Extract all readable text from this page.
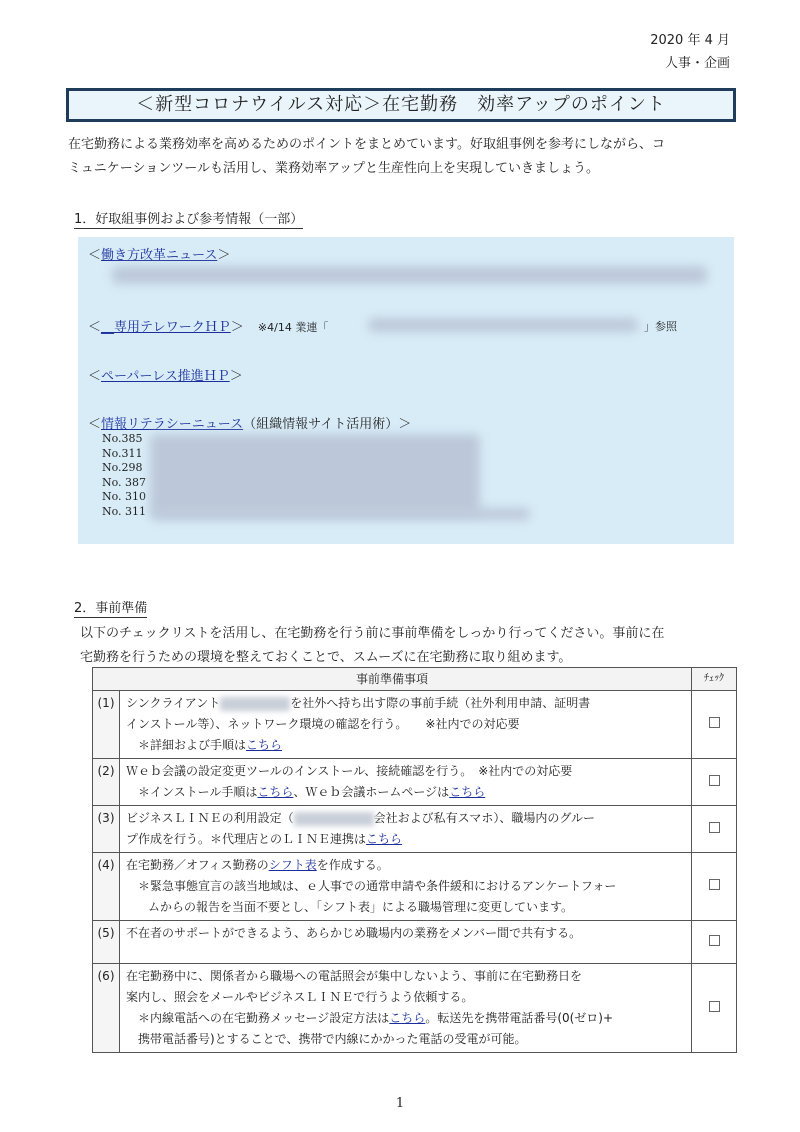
2020 年 4 月
人事・企画
＜新型コロナウイルス対応＞在宅勤務　効率アップのポイント
在宅勤務による業務効率を高めるためのポイントをまとめています。好取組事例を参考にしながら、コ
ミュニケーションツールも活用し、業務効率アップと生産性向上を実現していきましょう。
1．好取組事例および参考情報（一部）
＜働き方改革ニュース＞
＜__専用テレワークＨＰ＞ ※4/14 業連「	」参照
＜ペーパーレス推進ＨＰ＞
＜情報リテラシーニュース（組織情報サイト活用術）＞
No.385
No.311
No.298
No. 387
No. 310
No. 311
2．事前準備
以下のチェックリストを活用し、在宅勤務を行う前に事前準備をしっかり行ってください。事前に在
宅勤務を行うための環境を整えておくことで、スムーズに在宅勤務に取り組めます。
事前準備事項		ﾁｪｯｸ
(1)	シンクライアント を社外へ持ち出す際の事前手続（社外利用申請、証明書
インストール等）、ネットワーク環境の確認を行う。　　※社内での対応要

＊詳細および手順はこちら	

(2)	Ｗｅｂ会議の設定変更ツールのインストール、接続確認を行う。　※社内での対応要

＊インストール手順はこちら、Ｗｅｂ会議ホームページはこちら	

(3)	ビジネスＬＩＮＥの利用設定（ 会社および私有スマホ）、職場内のグルー
プ作成を行う。＊代理店とのＬＩＮＥ連携はこちら	
(4)	在宅勤務／オフィス勤務のシフト表を作成する。

＊緊急事態宣言の該当地域は、ｅ人事での通常申請や条件緩和におけるアンケートフォー
ムからの報告を当面不要とし、「シフト表」による職場管理に変更しています。	

(5)	不在者のサポートができるよう、あらかじめ職場内の業務をメンバー間で共有する。	
(6)	在宅勤務中に、関係者から職場への電話照会が集中しないよう、事前に在宅勤務日を
案内し、照会をメールやビジネスＬＩＮＥで行うよう依頼する。

＊内線電話への在宅勤務メッセージ設定方法はこちら。転送先を携帯電話番号(0(ゼロ)+
携帯電話番号)とすることで、携帯で内線にかかった電話の受電が可能。	

1
